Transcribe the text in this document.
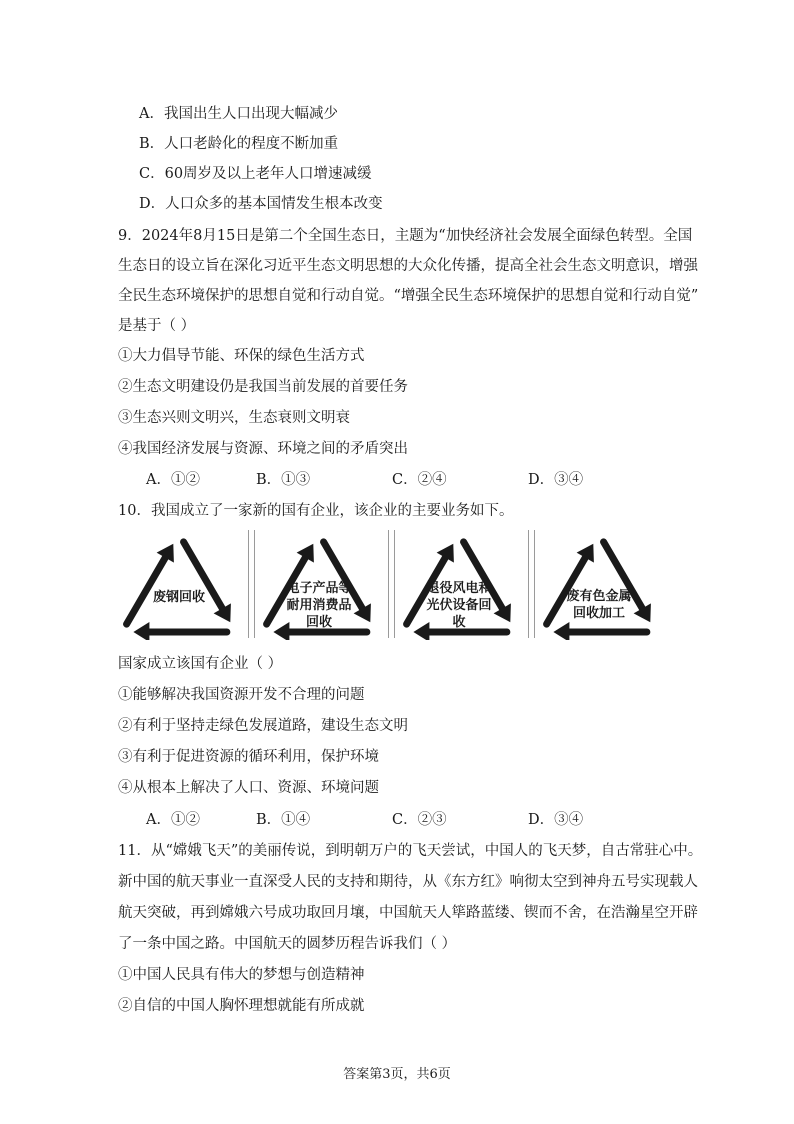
A．我国出生人口出现大幅减少
B．人口老龄化的程度不断加重
C．60周岁及以上老年人口增速减缓
D．人口众多的基本国情发生根本改变
9．2024年8月15日是第二个全国生态日，主题为“加快经济社会发展全面绿色转型。全国
生态日的设立旨在深化习近平生态文明思想的大众化传播，提高全社会生态文明意识，增强
全民生态环境保护的思想自觉和行动自觉。“增强全民生态环境保护的思想自觉和行动自觉”
是基于（ ）
①大力倡导节能、环保的绿色生活方式
②生态文明建设仍是我国当前发展的首要任务
③生态兴则文明兴，生态衰则文明衰
④我国经济发展与资源、环境之间的矛盾突出
A．①②	B．①③	C．②④	D．③④
10．我国成立了一家新的国有企业，该企业的主要业务如下。
废钢回收
电子产品等
耐用消费品
回收
退役风电和
光伏设备回
收
废有色金属
回收加工
国家成立该国有企业（ ）
①能够解决我国资源开发不合理的问题
②有利于坚持走绿色发展道路，建设生态文明
③有利于促进资源的循环利用，保护环境
④从根本上解决了人口、资源、环境问题
A．①②	B．①④	C．②③	D．③④
11．从“嫦娥飞天”的美丽传说，到明朝万户的飞天尝试，中国人的飞天梦，自古常驻心中。
新中国的航天事业一直深受人民的支持和期待，从《东方红》响彻太空到神舟五号实现载人
航天突破，再到嫦娥六号成功取回月壤，中国航天人筚路蓝缕、锲而不舍，在浩瀚星空开辟
了一条中国之路。中国航天的圆梦历程告诉我们（ ）
①中国人民具有伟大的梦想与创造精神
②自信的中国人胸怀理想就能有所成就
答案第3页，共6页
